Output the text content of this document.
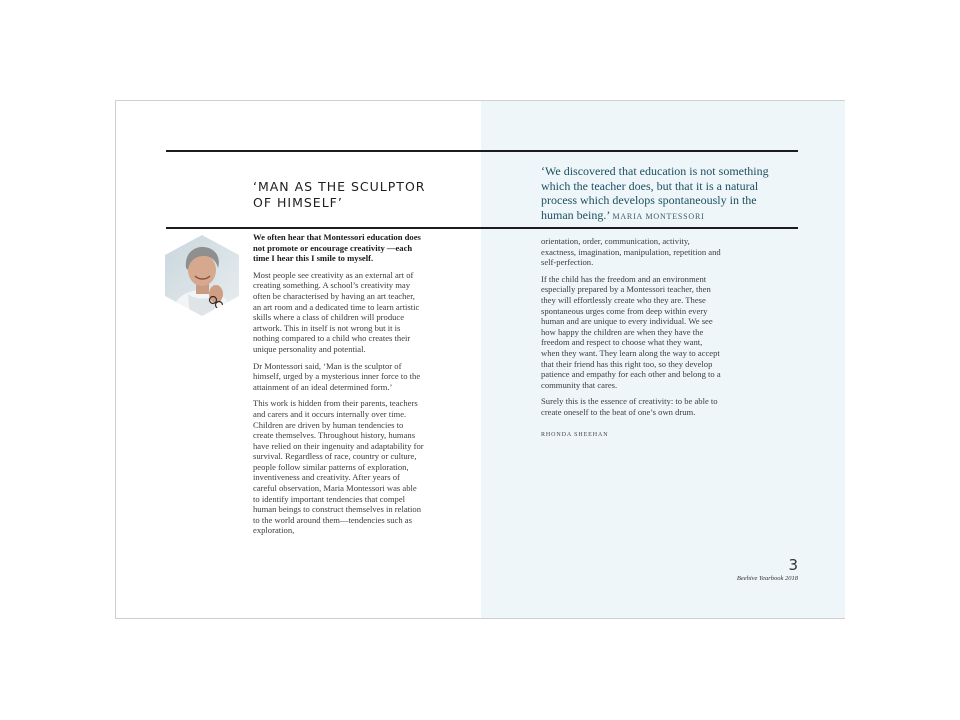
‘MAN AS THE SCULPTOR
OF HIMSELF’
‘We discovered that education is not something which the teacher does, but that it is a natural process which develops spontaneously in the human being.’ MARIA MONTESSORI

We often hear that Montessori education does not promote or encourage creativity —each time I hear this I smile to myself.

Most people see creativity as an external art of creating something. A school’s creativity may often be characterised by having an art teacher, an art room and a dedicated time to learn artistic skills where a class of children will produce artwork. This in itself is not wrong but it is nothing compared to a child who creates their unique personality and potential.

Dr Montessori said, ‘Man is the sculptor of himself, urged by a mysterious inner force to the attainment of an ideal determined form.’

This work is hidden from their parents, teachers and carers and it occurs internally over time. Children are driven by human tendencies to create themselves. Throughout history, humans have relied on their ingenuity and adaptability for survival. Regardless of race, country or culture, people follow similar patterns of exploration, inventiveness and creativity. After years of careful observation, Maria Montessori was able to identify important tendencies that compel human beings to construct themselves in relation to the world around them—tendencies such as exploration,

orientation, order, communication, activity, exactness, imagination, manipulation, repetition and self-perfection.

If the child has the freedom and an environment especially prepared by a Montessori teacher, then they will effortlessly create who they are. These spontaneous urges come from deep within every human and are unique to every individual. We see how happy the children are when they have the freedom and respect to choose what they want, when they want. They learn along the way to accept that their friend has this right too, so they develop patience and empathy for each other and belong to a community that cares.

Surely this is the essence of creativity: to be able to create oneself to the beat of one’s own drum.

RHONDA SHEEHAN

3
Beehive Yearbook 2018
